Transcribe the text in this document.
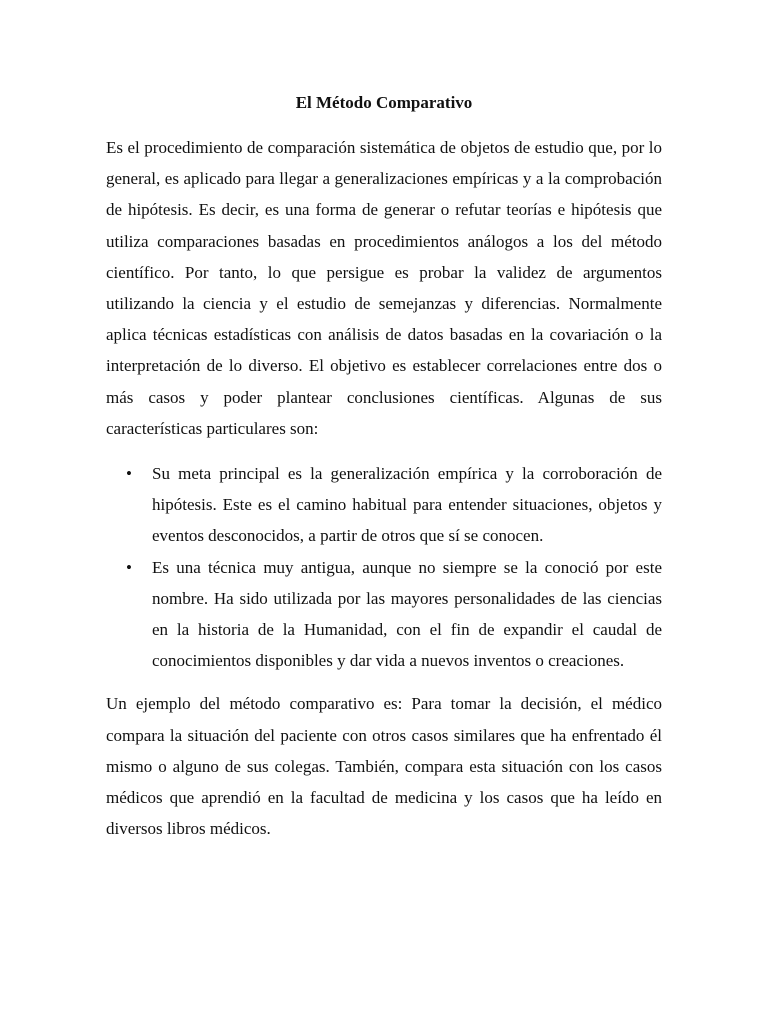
El Método Comparativo

Es el procedimiento de comparación sistemática de objetos de estudio que, por lo general, es aplicado para llegar a generalizaciones empíricas y a la comprobación de hipótesis. Es decir, es una forma de generar o refutar teorías e hipótesis que utiliza comparaciones basadas en procedimientos análogos a los del método científico. Por tanto, lo que persigue es probar la validez de argumentos utilizando la ciencia y el estudio de semejanzas y diferencias. Normalmente aplica técnicas estadísticas con análisis de datos basadas en la covariación o la interpretación de lo diverso. El objetivo es establecer correlaciones entre dos o más casos y poder plantear conclusiones científicas. Algunas de sus características particulares son:

• Su meta principal es la generalización empírica y la corroboración de hipótesis. Este es el camino habitual para entender situaciones, objetos y eventos desconocidos, a partir de otros que sí se conocen.
• Es una técnica muy antigua, aunque no siempre se la conoció por este nombre. Ha sido utilizada por las mayores personalidades de las ciencias en la historia de la Humanidad, con el fin de expandir el caudal de conocimientos disponibles y dar vida a nuevos inventos o creaciones.

Un ejemplo del método comparativo es: Para tomar la decisión, el médico compara la situación del paciente con otros casos similares que ha enfrentado él mismo o alguno de sus colegas. También, compara esta situación con los casos médicos que aprendió en la facultad de medicina y los casos que ha leído en diversos libros médicos.
